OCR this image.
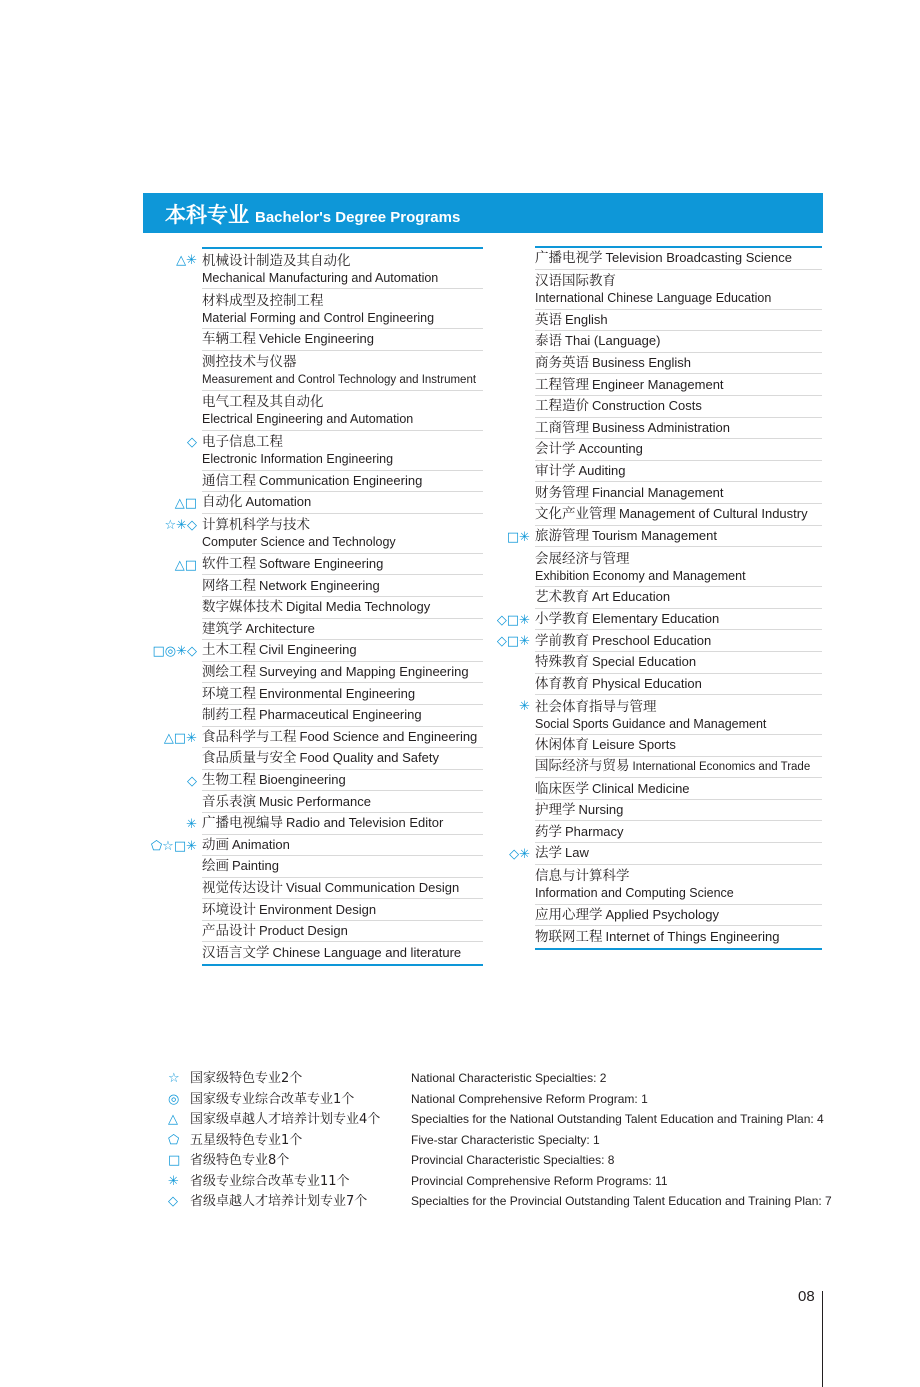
本科专业 Bachelor's Degree Programs
△✳ 机械设计制造及其自动化
Mechanical Manufacturing and Automation
材料成型及控制工程
Material Forming and Control Engineering
车辆工程 Vehicle Engineering
测控技术与仪器
Measurement and Control Technology and Instrument
电气工程及其自动化
Electrical Engineering and Automation
◇ 电子信息工程
Electronic Information Engineering
通信工程 Communication Engineering
△□ 自动化 Automation
☆✳◇ 计算机科学与技术
Computer Science and Technology
△□ 软件工程 Software Engineering
网络工程 Network Engineering
数字媒体技术 Digital Media Technology
建筑学 Architecture
□◎✳◇ 土木工程 Civil Engineering
测绘工程 Surveying and Mapping Engineering
环境工程 Environmental Engineering
制药工程 Pharmaceutical Engineering
△□✳ 食品科学与工程 Food Science and Engineering
食品质量与安全 Food Quality and Safety
◇ 生物工程 Bioengineering
音乐表演 Music Performance
✳ 广播电视编导 Radio and Television Editor
⬠☆□✳ 动画 Animation
绘画 Painting
视觉传达设计 Visual Communication Design
环境设计 Environment Design
产品设计 Product Design
汉语言文学 Chinese Language and literature
广播电视学 Television Broadcasting Science
汉语国际教育
International Chinese Language Education
英语 English
泰语 Thai (Language)
商务英语 Business English
工程管理 Engineer Management
工程造价 Construction Costs
工商管理 Business Administration
会计学 Accounting
审计学 Auditing
财务管理 Financial Management
文化产业管理 Management of Cultural Industry
□✳ 旅游管理 Tourism Management
会展经济与管理
Exhibition Economy and Management
艺术教育 Art Education
◇□✳ 小学教育 Elementary Education
◇□✳ 学前教育 Preschool Education
特殊教育 Special Education
体育教育 Physical Education
✳ 社会体育指导与管理
Social Sports Guidance and Management
休闲体育 Leisure Sports
国际经济与贸易 International Economics and Trade
临床医学 Clinical Medicine
护理学 Nursing
药学 Pharmacy
◇✳ 法学 Law
信息与计算科学
Information and Computing Science
应用心理学 Applied Psychology
物联网工程 Internet of Things Engineering
☆ 国家级特色专业2个	National Characteristic Specialties: 2
◎ 国家级专业综合改革专业1个	National Comprehensive Reform Program: 1
△ 国家级卓越人才培养计划专业4个	Specialties for the National Outstanding Talent Education and Training Plan: 4
⬠ 五星级特色专业1个	Five-star Characteristic Specialty: 1
□ 省级特色专业8个	Provincial Characteristic Specialties: 8
✳ 省级专业综合改革专业11个	Provincial Comprehensive Reform Programs: 11
◇ 省级卓越人才培养计划专业7个	Specialties for the Provincial Outstanding Talent Education and Training Plan: 7
08
